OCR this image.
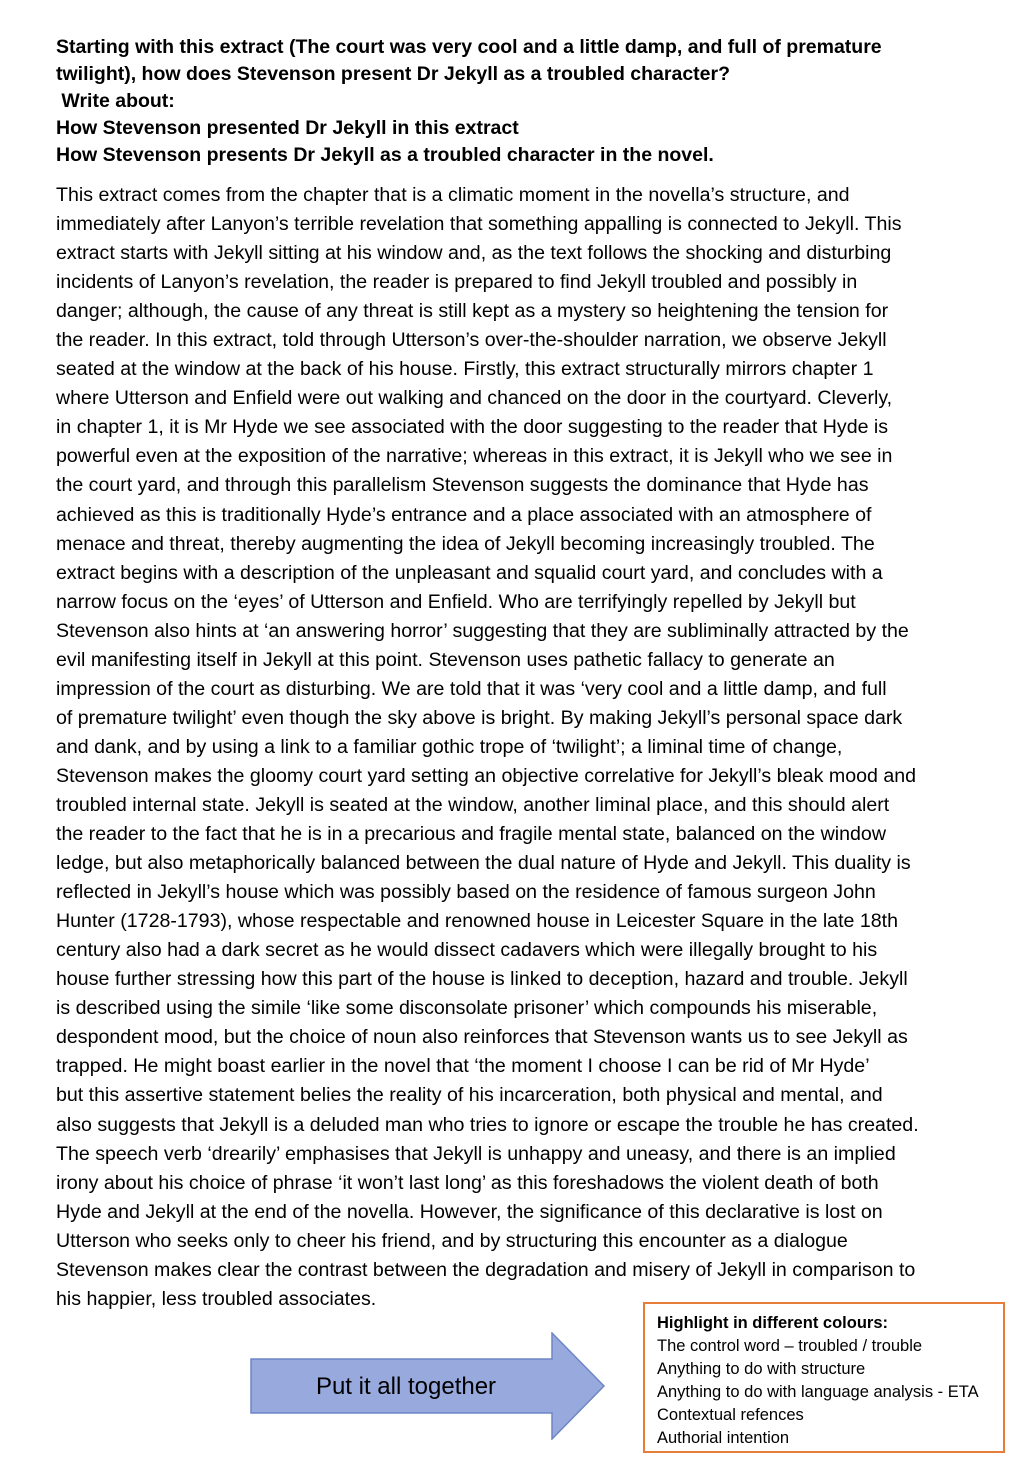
Starting with this extract (The court was very cool and a little damp, and full of premature
twilight), how does Stevenson present Dr Jekyll as a troubled character?
Write about:
How Stevenson presented Dr Jekyll in this extract
How Stevenson presents Dr Jekyll as a troubled character in the novel.
This extract comes from the chapter that is a climatic moment in the novella’s structure, and
immediately after Lanyon’s terrible revelation that something appalling is connected to Jekyll. This
extract starts with Jekyll sitting at his window and, as the text follows the shocking and disturbing
incidents of Lanyon’s revelation, the reader is prepared to find Jekyll troubled and possibly in
danger; although, the cause of any threat is still kept as a mystery so heightening the tension for
the reader. In this extract, told through Utterson’s over-the-shoulder narration, we observe Jekyll
seated at the window at the back of his house. Firstly, this extract structurally mirrors chapter 1
where Utterson and Enfield were out walking and chanced on the door in the courtyard. Cleverly,
in chapter 1, it is Mr Hyde we see associated with the door suggesting to the reader that Hyde is
powerful even at the exposition of the narrative; whereas in this extract, it is Jekyll who we see in
the court yard, and through this parallelism Stevenson suggests the dominance that Hyde has
achieved as this is traditionally Hyde’s entrance and a place associated with an atmosphere of
menace and threat, thereby augmenting the idea of Jekyll becoming increasingly troubled. The
extract begins with a description of the unpleasant and squalid court yard, and concludes with a
narrow focus on the ‘eyes’ of Utterson and Enfield. Who are terrifyingly repelled by Jekyll but
Stevenson also hints at ‘an answering horror’ suggesting that they are subliminally attracted by the
evil manifesting itself in Jekyll at this point. Stevenson uses pathetic fallacy to generate an
impression of the court as disturbing. We are told that it was ‘very cool and a little damp, and full
of premature twilight’ even though the sky above is bright. By making Jekyll’s personal space dark
and dank, and by using a link to a familiar gothic trope of ‘twilight’; a liminal time of change,
Stevenson makes the gloomy court yard setting an objective correlative for Jekyll’s bleak mood and
troubled internal state. Jekyll is seated at the window, another liminal place, and this should alert
the reader to the fact that he is in a precarious and fragile mental state, balanced on the window
ledge, but also metaphorically balanced between the dual nature of Hyde and Jekyll. This duality is
reflected in Jekyll’s house which was possibly based on the residence of famous surgeon John
Hunter (1728-1793), whose respectable and renowned house in Leicester Square in the late 18th
century also had a dark secret as he would dissect cadavers which were illegally brought to his
house further stressing how this part of the house is linked to deception, hazard and trouble. Jekyll
is described using the simile ‘like some disconsolate prisoner’ which compounds his miserable,
despondent mood, but the choice of noun also reinforces that Stevenson wants us to see Jekyll as
trapped. He might boast earlier in the novel that ‘the moment I choose I can be rid of Mr Hyde’
but this assertive statement belies the reality of his incarceration, both physical and mental, and
also suggests that Jekyll is a deluded man who tries to ignore or escape the trouble he has created.
The speech verb ‘drearily’ emphasises that Jekyll is unhappy and uneasy, and there is an implied
irony about his choice of phrase ‘it won’t last long’ as this foreshadows the violent death of both
Hyde and Jekyll at the end of the novella. However, the significance of this declarative is lost on
Utterson who seeks only to cheer his friend, and by structuring this encounter as a dialogue
Stevenson makes clear the contrast between the degradation and misery of Jekyll in comparison to
his happier, less troubled associates.
Put it all together
Highlight in different colours:
The control word – troubled / trouble
Anything to do with structure
Anything to do with language analysis - ETA
Contextual refences
Authorial intention
